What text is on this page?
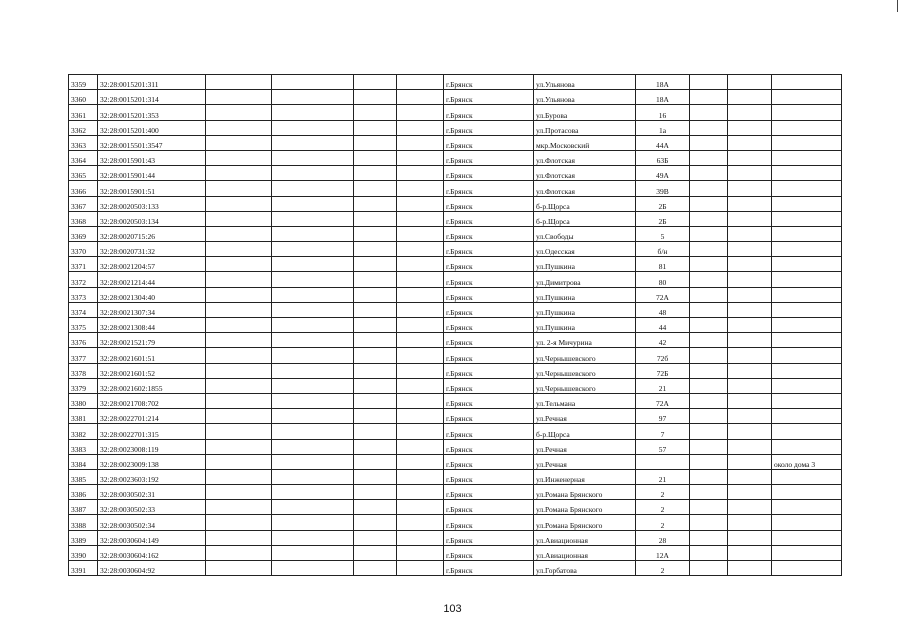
3359	32:28:0015201:311					г.Брянск	ул.Ульянова	18А			
3360	32:28:0015201:314					г.Брянск	ул.Ульянова	18А			
3361	32:28:0015201:353					г.Брянск	ул.Бурова	16			
3362	32:28:0015201:400					г.Брянск	ул.Протасова	1а			
3363	32:28:0015501:3547					г.Брянск	мкр.Московский	44А			
3364	32:28:0015901:43					г.Брянск	ул.Флотская	63Б			
3365	32:28:0015901:44					г.Брянск	ул.Флотская	49А			
3366	32:28:0015901:51					г.Брянск	ул.Флотская	39В			
3367	32:28:0020503:133					г.Брянск	б-р.Щорса	2Б			
3368	32:28:0020503:134					г.Брянск	б-р.Щорса	2Б			
3369	32:28:0020715:26					г.Брянск	ул.Свободы	5			
3370	32:28:0020731:32					г.Брянск	ул.Одесская	б/н			
3371	32:28:0021204:57					г.Брянск	ул.Пушкина	81			
3372	32:28:0021214:44					г.Брянск	ул.Димитрова	80			
3373	32:28:0021304:40					г.Брянск	ул.Пушкина	72А			
3374	32:28:0021307:34					г.Брянск	ул.Пушкина	48			
3375	32:28:0021308:44					г.Брянск	ул.Пушкина	44			
3376	32:28:0021521:79					г.Брянск	ул. 2-я Мичурина	42			
3377	32:28:0021601:51					г.Брянск	ул.Чернышевского	72б			
3378	32:28:0021601:52					г.Брянск	ул.Чернышевского	72Б			
3379	32:28:0021602:1855					г.Брянск	ул.Чернышевского	21			
3380	32:28:0021708:702					г.Брянск	ул.Тельмана	72А			
3381	32:28:0022701:214					г.Брянск	ул.Речная	97			
3382	32:28:0022701:315					г.Брянск	б-р.Щорса	7			
3383	32:28:0023008:119					г.Брянск	ул.Речная	57			
3384	32:28:0023009:138					г.Брянск	ул.Речная				около дома 3
3385	32:28:0023603:192					г.Брянск	ул.Инженерная	21			
3386	32:28:0030502:31					г.Брянск	ул.Романа Брянского	2			
3387	32:28:0030502:33					г.Брянск	ул.Романа Брянского	2			
3388	32:28:0030502:34					г.Брянск	ул.Романа Брянского	2			
3389	32:28:0030604:149					г.Брянск	ул.Авиационная	28			
3390	32:28:0030604:162					г.Брянск	ул.Авиационная	12А			
3391	32:28:0030604:92					г.Брянск	ул.Горбатова	2			
103
